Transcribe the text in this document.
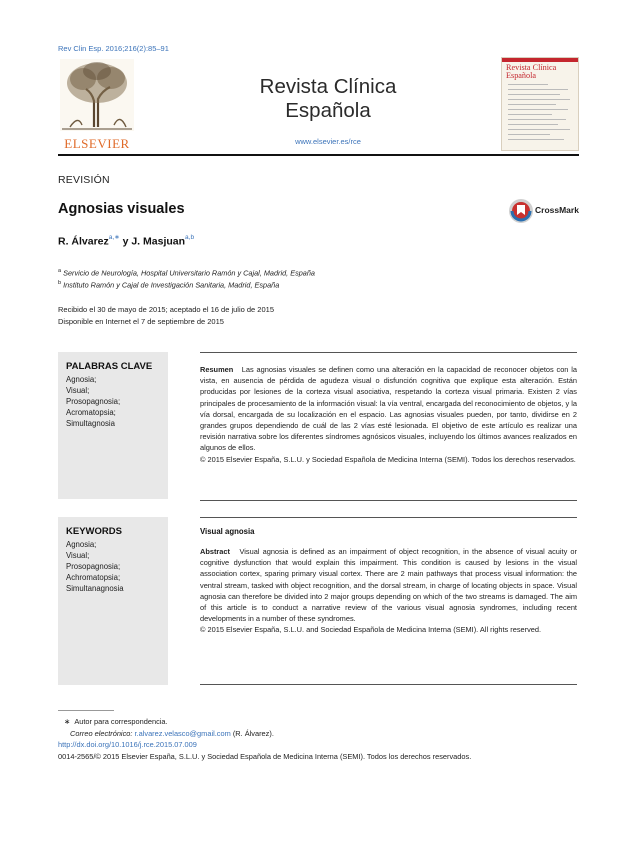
Rev Clin Esp. 2016;216(2):85–91
ELSEVIER
Revista Clínica
Española
www.elsevier.es/rce
Revista Clínica
Española
REVISIÓN
Agnosias visuales	CrossMark
R. Álvarez$^{a,∗}$ y J. Masjuan$^{a,b}$
$^a$ Servicio de Neurología, Hospital Universitario Ramón y Cajal, Madrid, España
$^b$ Instituto Ramón y Cajal de Investigación Sanitaria, Madrid, España
Recibido el 30 de mayo de 2015; aceptado el 16 de julio de 2015
Disponible en Internet el 7 de septiembre de 2015
PALABRAS CLAVE
Agnosia;
Visual;
Prosopagnosia;
Acromatopsia;
Simultagnosia
Resumen Las agnosias visuales se definen como una alteración en la capacidad de reconocer objetos con la vista, en ausencia de pérdida de agudeza visual o disfunción cognitiva que explique esta alteración. Están producidas por lesiones de la corteza visual asociativa, respetando la corteza visual primaria. Existen 2 vías principales de procesamiento de la información visual: la vía ventral, encargada del reconocimiento de objetos, y la vía dorsal, encargada de su localización en el espacio. Las agnosias visuales pueden, por tanto, dividirse en 2 grandes grupos dependiendo de cuál de las 2 vías esté lesionada. El objetivo de este artículo es realizar una revisión narrativa sobre los diferentes síndromes agnósicos visuales, incluyendo los últimos avances realizados en algunos de ellos.
© 2015 Elsevier España, S.L.U. y Sociedad Española de Medicina Interna (SEMI). Todos los derechos reservados.
KEYWORDS
Agnosia;
Visual;
Prosopagnosia;
Achromatopsia;
Simultanagnosia
Visual agnosia
Abstract Visual agnosia is defined as an impairment of object recognition, in the absence of visual acuity or cognitive dysfunction that would explain this impairment. This condition is caused by lesions in the visual association cortex, sparing primary visual cortex. There are 2 main pathways that process visual information: the ventral stream, tasked with object recognition, and the dorsal stream, in charge of locating objects in space. Visual agnosia can therefore be divided into 2 major groups depending on which of the two streams is damaged. The aim of this article is to conduct a narrative review of the various visual agnosia syndromes, including recent developments in a number of these syndromes.
© 2015 Elsevier España, S.L.U. and Sociedad Española de Medicina Interna (SEMI). All rights reserved.
∗ Autor para correspondencia.
Correo electrónico: r.alvarez.velasco@gmail.com (R. Álvarez).
http://dx.doi.org/10.1016/j.rce.2015.07.009
0014-2565/© 2015 Elsevier España, S.L.U. y Sociedad Española de Medicina Interna (SEMI). Todos los derechos reservados.
